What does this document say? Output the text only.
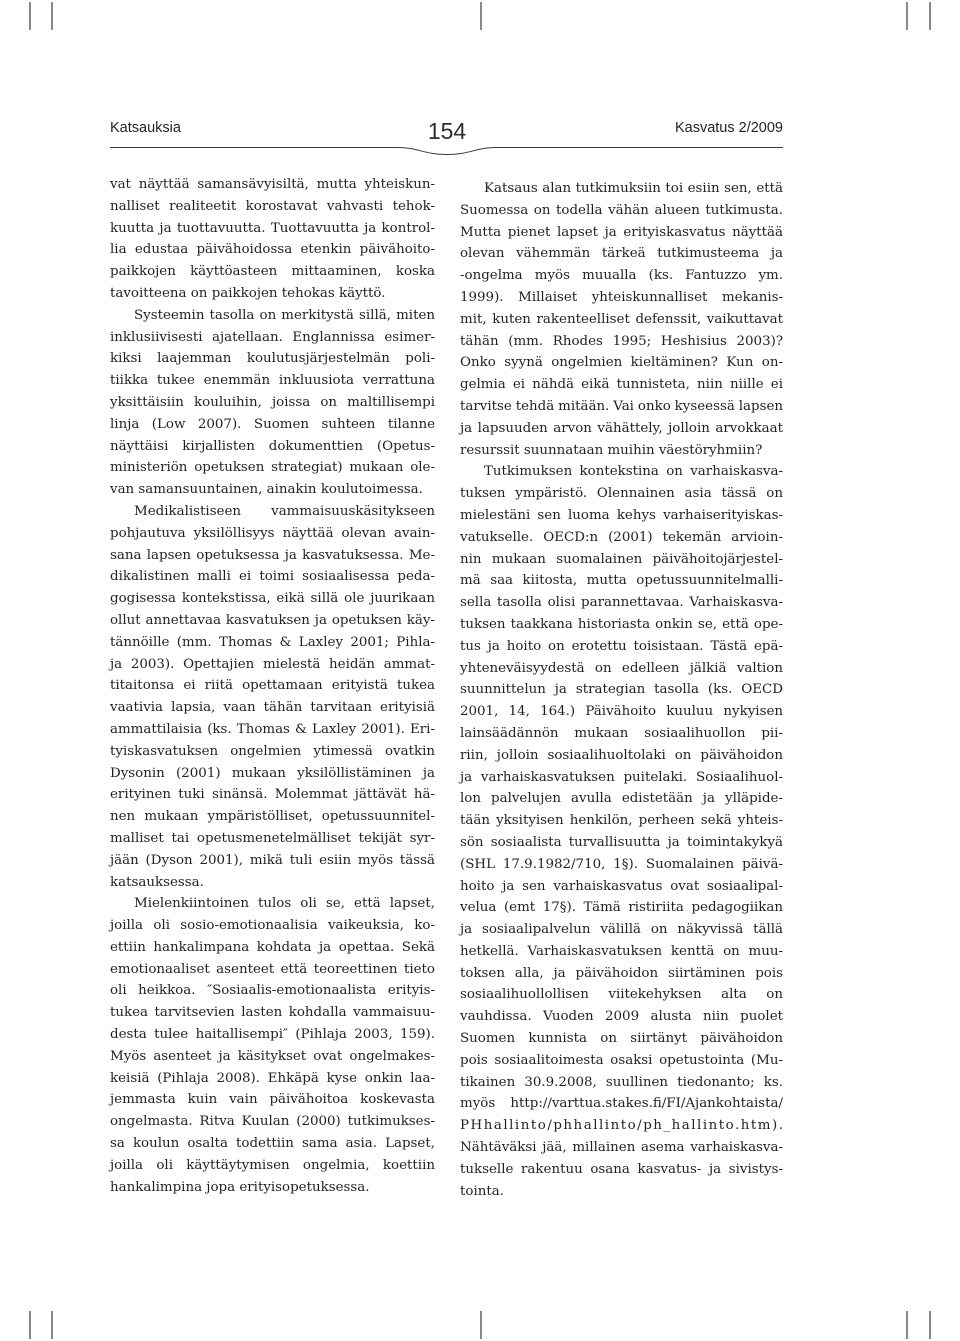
Katsauksia	154	Kasvatus 2/2009
vat näyttää samansävyisiltä, mutta yhteiskun-
nalliset realiteetit korostavat vahvasti tehok-
kuutta ja tuottavuutta. Tuottavuutta ja kontrol-
lia edustaa päivähoidossa etenkin päivähoito-
paikkojen käyttöasteen mittaaminen, koska
tavoitteena on paikkojen tehokas käyttö.
Systeemin tasolla on merkitystä sillä, miten
inklusiivisesti ajatellaan. Englannissa esimer-
kiksi laajemman koulutusjärjestelmän poli-
tiikka tukee enemmän inkluusiota verrattuna
yksittäisiin kouluihin, joissa on maltillisempi
linja (Low 2007). Suomen suhteen tilanne
näyttäisi kirjallisten dokumenttien (Opetus-
ministeriön opetuksen strategiat) mukaan ole-
van samansuuntainen, ainakin koulutoimessa.
Medikalistiseen vammaisuuskäsitykseen
pohjautuva yksilöllisyys näyttää olevan avain-
sana lapsen opetuksessa ja kasvatuksessa. Me-
dikalistinen malli ei toimi sosiaalisessa peda-
gogisessa kontekstissa, eikä sillä ole juurikaan
ollut annettavaa kasvatuksen ja opetuksen käy-
tännöille (mm. Thomas & Laxley 2001; Pihla-
ja 2003). Opettajien mielestä heidän ammat-
titaitonsa ei riitä opettamaan erityistä tukea
vaativia lapsia, vaan tähän tarvitaan erityisiä
ammattilaisia (ks. Thomas & Laxley 2001). Eri-
tyiskasvatuksen ongelmien ytimessä ovatkin
Dysonin (2001) mukaan yksilöllistäminen ja
erityinen tuki sinänsä. Molemmat jättävät hä-
nen mukaan ympäristölliset, opetussuunnitel-
malliset tai opetusmenetelmälliset tekijät syr-
jään (Dyson 2001), mikä tuli esiin myös tässä
katsauksessa.
Mielenkiintoinen tulos oli se, että lapset,
joilla oli sosio-emotionaalisia vaikeuksia, ko-
ettiin hankalimpana kohdata ja opettaa. Sekä
emotionaaliset asenteet että teoreettinen tieto
oli heikkoa. ″Sosiaalis-emotionaalista erityis-
tukea tarvitsevien lasten kohdalla vammaisuu-
desta tulee haitallisempi″ (Pihlaja 2003, 159).
Myös asenteet ja käsitykset ovat ongelmakes-
keisiä (Pihlaja 2008). Ehkäpä kyse onkin laa-
jemmasta kuin vain päivähoitoa koskevasta
ongelmasta. Ritva Kuulan (2000) tutkimukses-
sa koulun osalta todettiin sama asia. Lapset,
joilla oli käyttäytymisen ongelmia, koettiin
hankalimpina jopa erityisopetuksessa.
Katsaus alan tutkimuksiin toi esiin sen, että
Suomessa on todella vähän alueen tutkimusta.
Mutta pienet lapset ja erityiskasvatus näyttää
olevan vähemmän tärkeä tutkimusteema ja
-ongelma myös muualla (ks. Fantuzzo ym.
1999). Millaiset yhteiskunnalliset mekanis-
mit, kuten rakenteelliset defenssit, vaikuttavat
tähän (mm. Rhodes 1995; Heshisius 2003)?
Onko syynä ongelmien kieltäminen? Kun on-
gelmia ei nähdä eikä tunnisteta, niin niille ei
tarvitse tehdä mitään. Vai onko kyseessä lapsen
ja lapsuuden arvon vähättely, jolloin arvokkaat
resurssit suunnataan muihin väestöryhmiin?
Tutkimuksen kontekstina on varhaiskasva-
tuksen ympäristö. Olennainen asia tässä on
mielestäni sen luoma kehys varhaiserityiskas-
vatukselle. OECD:n (2001) tekemän arvioin-
nin mukaan suomalainen päivähoitojärjestel-
mä saa kiitosta, mutta opetussuunnitelmalli-
sella tasolla olisi parannettavaa. Varhaiskasva-
tuksen taakkana historiasta onkin se, että ope-
tus ja hoito on erotettu toisistaan. Tästä epä-
yhteneväisyydestä on edelleen jälkiä valtion
suunnittelun ja strategian tasolla (ks. OECD
2001, 14, 164.) Päivähoito kuuluu nykyisen
lainsäädännön mukaan sosiaalihuollon pii-
riin, jolloin sosiaalihuoltolaki on päivähoidon
ja varhaiskasvatuksen puitelaki. Sosiaalihuol-
lon palvelujen avulla edistetään ja ylläpide-
tään yksityisen henkilön, perheen sekä yhteis-
sön sosiaalista turvallisuutta ja toimintakykyä
(SHL 17.9.1982/710, 1§). Suomalainen päivä-
hoito ja sen varhaiskasvatus ovat sosiaalipal-
velua (emt 17§). Tämä ristiriita pedagogiikan
ja sosiaalipalvelun välillä on näkyvissä tällä
hetkellä. Varhaiskasvatuksen kenttä on muu-
toksen alla, ja päivähoidon siirtäminen pois
sosiaalihuollollisen viitekehyksen alta on
vauhdissa. Vuoden 2009 alusta niin puolet
Suomen kunnista on siirtänyt päivähoidon
pois sosiaalitoimesta osaksi opetustointa (Mu-
tikainen 30.9.2008, suullinen tiedonanto; ks.
myös http://varttua.stakes.fi/FI/Ajankohtaista/
PHhallinto/phhallinto/ph_hallinto.htm).
Nähtäväksi jää, millainen asema varhaiskasva-
tukselle rakentuu osana kasvatus- ja sivistys-
tointa.
